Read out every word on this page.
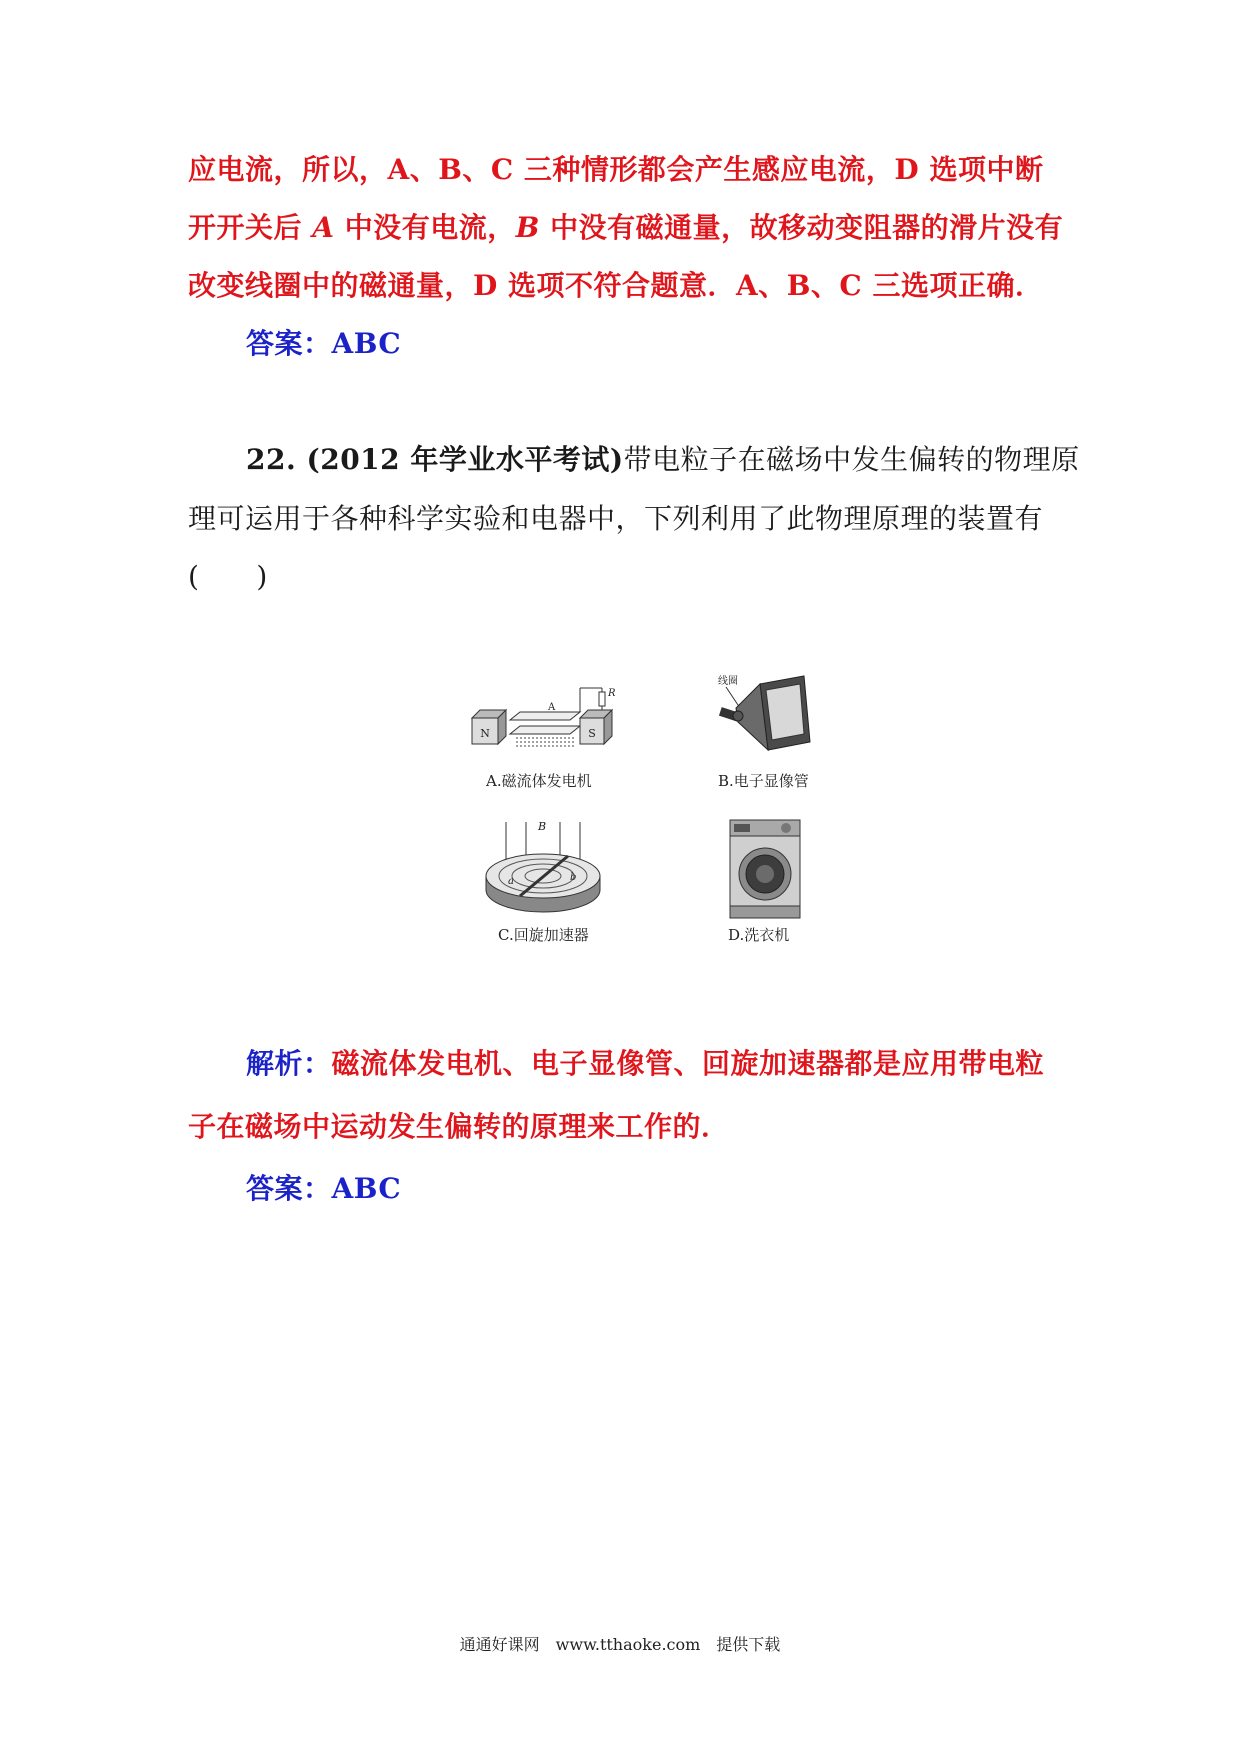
应电流，所以，A、B、C 三种情形都会产生感应电流，D 选项中断
开开关后 A 中没有电流，B 中没有磁通量，故移动变阻器的滑片没有
改变线圈中的磁通量，D 选项不符合题意．A、B、C 三选项正确．
答案：ABC
22. (2012 年学业水平考试)带电粒子在磁场中发生偏转的物理原
理可运用于各种科学实验和电器中，下列利用了此物理原理的装置有
(　　)
N
A
R
S
A.磁流体发电机
线圈
B.电子显像管
B
a	b
C.回旋加速器	D.洗衣机
解析：磁流体发电机、电子显像管、回旋加速器都是应用带电粒
子在磁场中运动发生偏转的原理来工作的．
答案：ABC
通通好课网　www.tthaoke.com　提供下载
